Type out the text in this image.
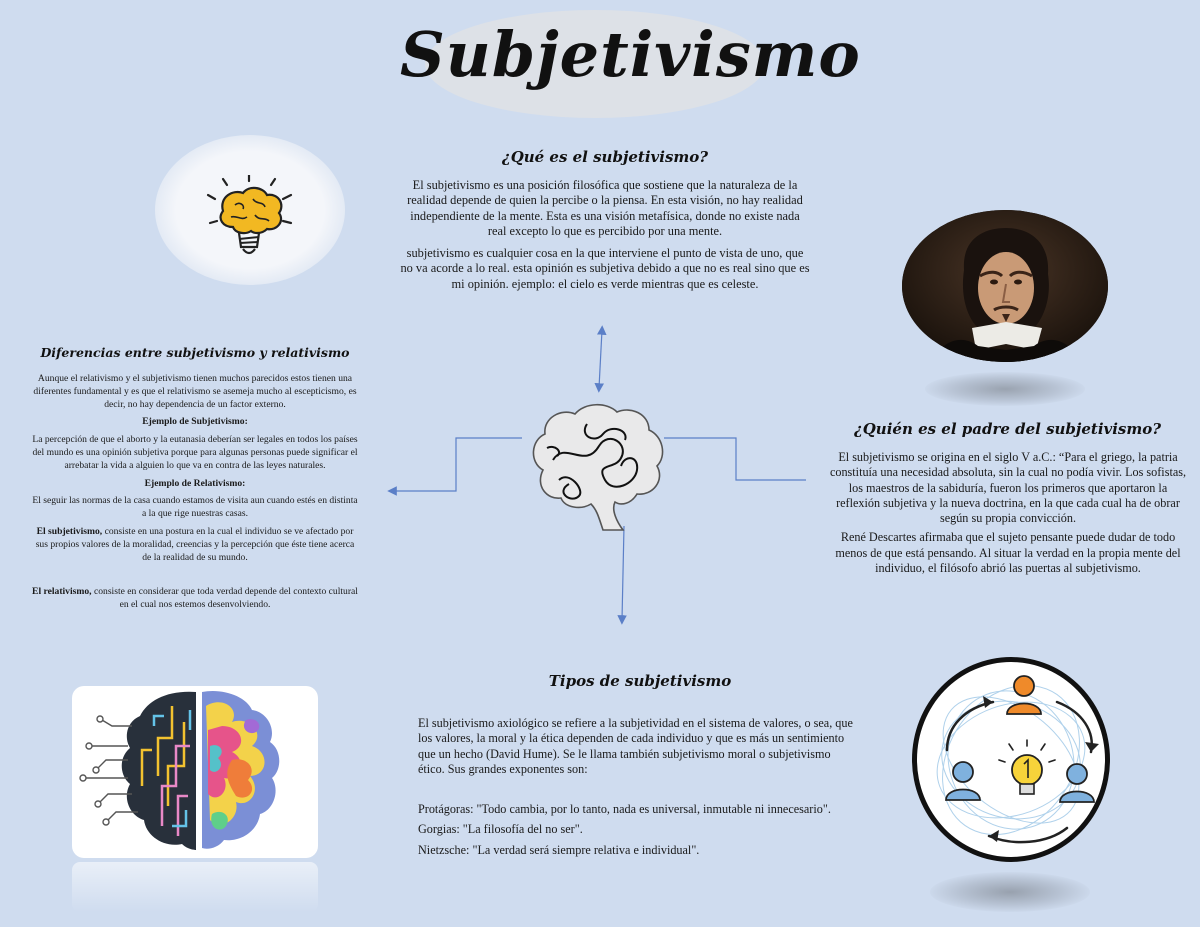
Subjetivismo
¿Qué es el subjetivismo?

El subjetivismo es una posición filosófica que sostiene que la naturaleza de la realidad depende de quien la percibe o la piensa. En esta visión, no hay realidad independiente de la mente. Esta es una visión metafísica, donde no existe nada real excepto lo que es percibido por una mente.

subjetivismo es cualquier cosa en la que interviene el punto de vista de uno, que no va acorde a lo real. esta opinión es subjetiva debido a que no es real sino que es mi opinión. ejemplo: el cielo es verde mientras que es celeste.

Diferencias entre subjetivismo y relativismo

Aunque el relativismo y el subjetivismo tienen muchos parecidos estos tienen una diferentes fundamental y es que el relativismo se asemeja mucho al escepticismo, es decir, no hay dependencia de un factor externo.

Ejemplo de Subjetivismo:

La percepción de que el aborto y la eutanasia deberían ser legales en todos los países del mundo es una opinión subjetiva porque para algunas personas puede significar el arrebatar la vida a alguien lo que va en contra de las leyes naturales.

Ejemplo de Relativismo:

El seguir las normas de la casa cuando estamos de visita aun cuando estés en distinta a la que rige nuestras casas.

El subjetivismo, consiste en una postura en la cual el individuo se ve afectado por sus propios valores de la moralidad, creencias y la percepción que éste tiene acerca de la realidad de su mundo.

El relativismo, consiste en considerar que toda verdad depende del contexto cultural en el cual nos estemos desenvolviendo.

¿Quién es el padre del subjetivismo?

El subjetivismo se origina en el siglo V a.C.: “Para el griego, la patria constituía una necesidad absoluta, sin la cual no podía vivir. Los sofistas, los maestros de la sabiduría, fueron los primeros que aportaron la reflexión subjetiva y la nueva doctrina, en la que cada cual ha de obrar según su propia convicción.

René Descartes afirmaba que el sujeto pensante puede dudar de todo menos de que está pensando. Al situar la verdad en la propia mente del individuo, el filósofo abrió las puertas al subjetivismo.

Tipos de subjetivismo

El subjetivismo axiológico se refiere a la subjetividad en el sistema de valores, o sea, que los valores, la moral y la ética dependen de cada individuo y que es más un sentimiento que un hecho (David Hume). Se le llama también subjetivismo moral o subjetivismo ético. Sus grandes exponentes son:

Protágoras: "Todo cambia, por lo tanto, nada es universal, inmutable ni innecesario".

Gorgias: "La filosofía del no ser".

Nietzsche: "La verdad será siempre relativa e individual".
